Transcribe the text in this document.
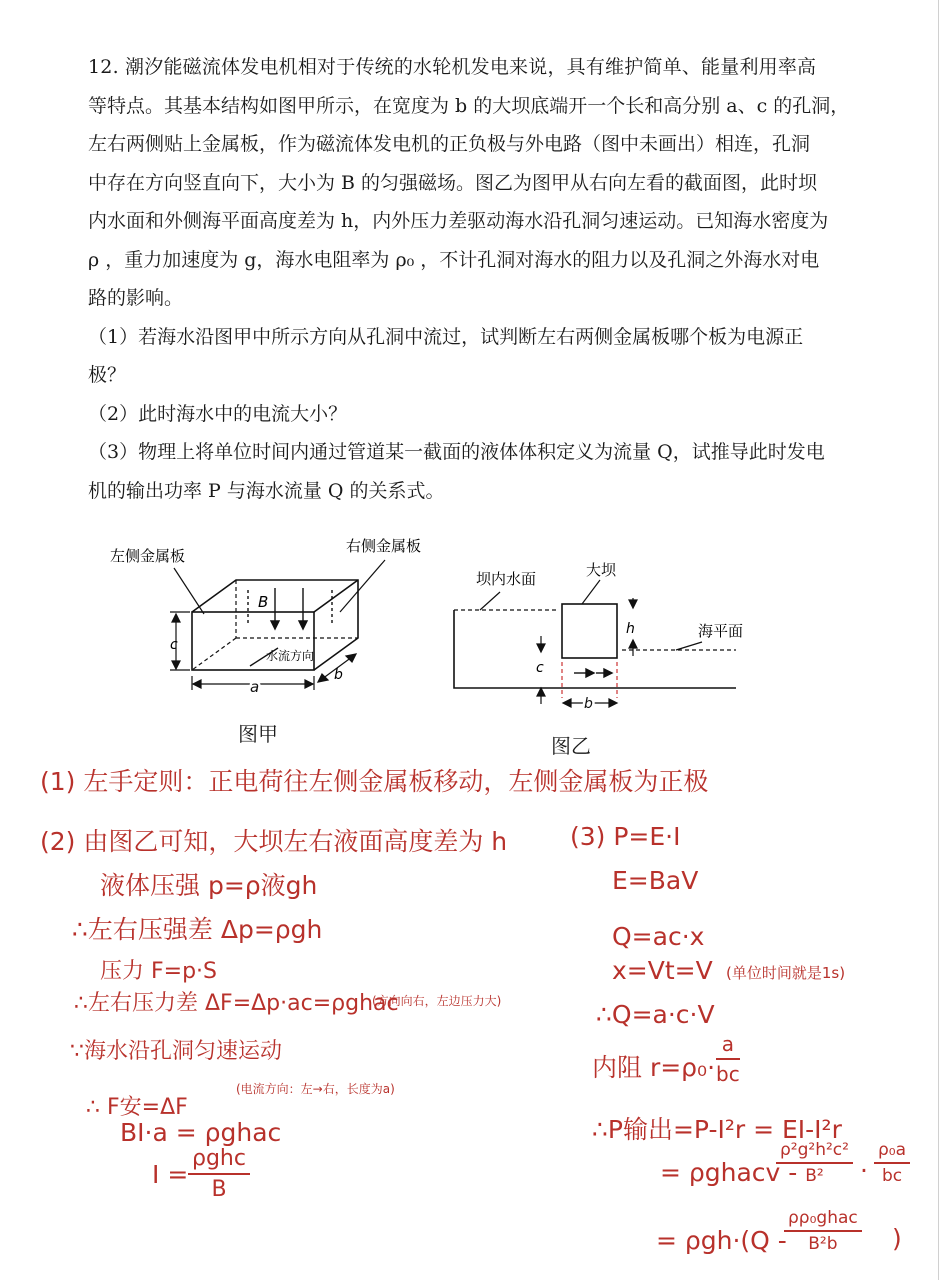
12. 潮汐能磁流体发电机相对于传统的水轮机发电来说，具有维护简单、能量利用率高
等特点。其基本结构如图甲所示，在宽度为 b 的大坝底端开一个长和高分别 a、c 的孔洞，
左右两侧贴上金属板，作为磁流体发电机的正负极与外电路（图中未画出）相连，孔洞
中存在方向竖直向下，大小为 B 的匀强磁场。图乙为图甲从右向左看的截面图，此时坝
内水面和外侧海平面高度差为 h，内外压力差驱动海水沿孔洞匀速运动。已知海水密度为
ρ ，重力加速度为 g，海水电阻率为 ρ₀ ，不计孔洞对海水的阻力以及孔洞之外海水对电
路的影响。
（1）若海水沿图甲中所示方向从孔洞中流过，试判断左右两侧金属板哪个板为电源正
极？
（2）此时海水中的电流大小？
（3）物理上将单位时间内通过管道某一截面的液体体积定义为流量 Q，试推导此时发电
机的输出功率 P 与海水流量 Q 的关系式。
B
水流方向
左侧金属板
右侧金属板
c
a
b
图甲
坝内水面	大坝
海平面
h
c
b
图乙
(1) 左手定则：正电荷往左侧金属板移动，左侧金属板为正极
(2) 由图乙可知，大坝左右液面高度差为 h
液体压强 p=ρ液gh
∴左右压强差 Δp=ρgh
压力 F=p·S
∴左右压力差 ΔF=Δp·ac=ρghac
(方向向右，左边压力大)
∵海水沿孔洞匀速运动
∴ F安=ΔF
(电流方向：左→右，长度为a)
BI·a = ρghac
I =
ρghc
B
(3) P=E·I
E=BaV
Q=ac·x
x=Vt=V (单位时间就是1s)
∴Q=a·c·V
内阻 $r=\rho_0\cdot \frac{a}{bc}$
∴P输出=P-I²r = EI-I²r
= ρghacv -
$\frac{\text{ρ²g²h²c²}}{\text{B²}} \cdot \frac{\text{ρ₀a}}{bc}$
= ρgh·(Q -
ρρ₀ghac
B²b	)
